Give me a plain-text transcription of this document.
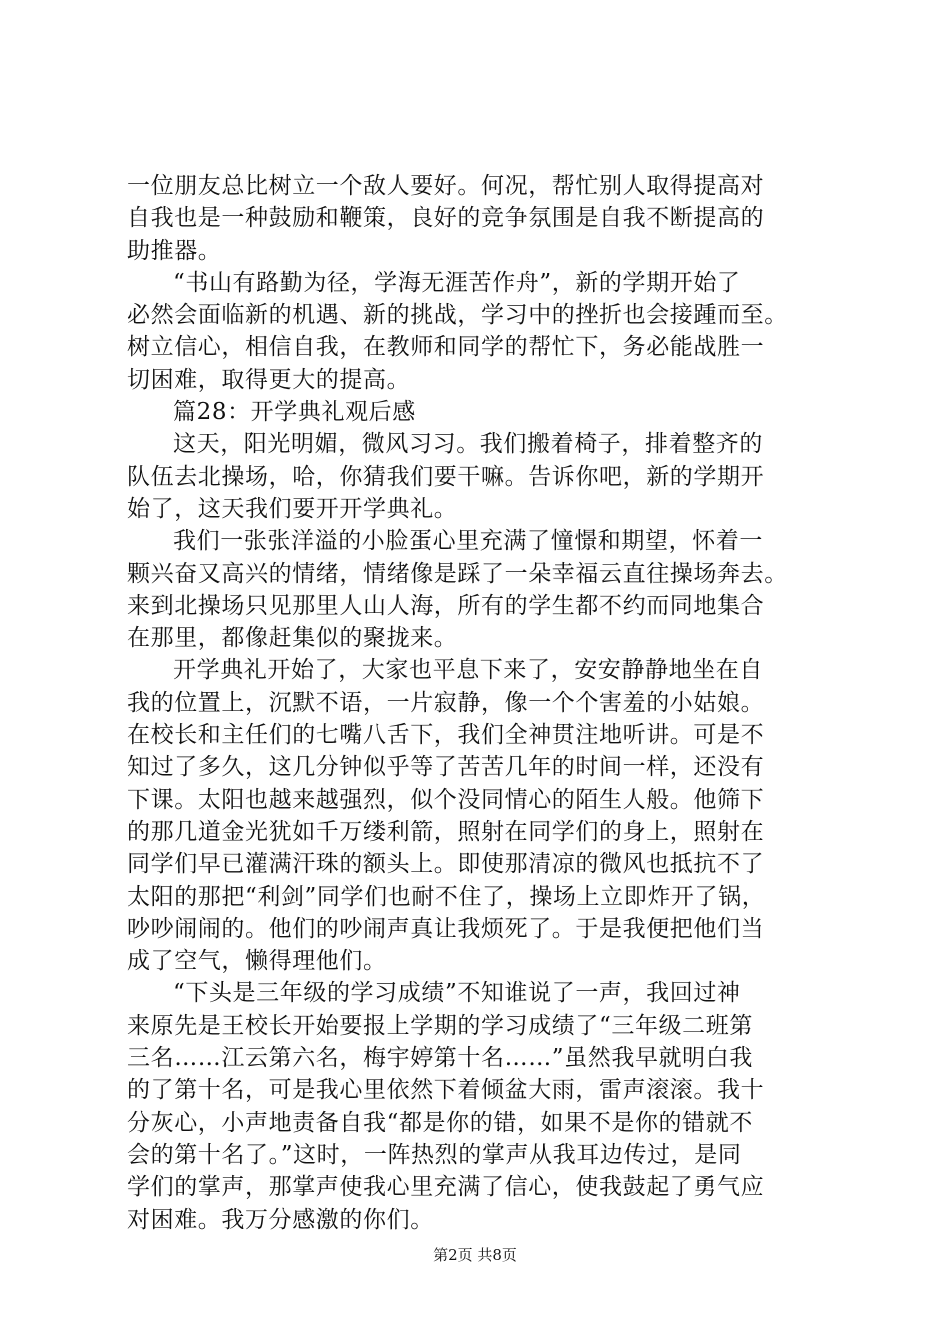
一位朋友总比树立一个敌人要好。何况，帮忙别人取得提高对
自我也是一种鼓励和鞭策，良好的竞争氛围是自我不断提高的
助推器。
“书山有路勤为径，学海无涯苦作舟”，新的学期开始了
必然会面临新的机遇、新的挑战，学习中的挫折也会接踵而至。
树立信心，相信自我，在教师和同学的帮忙下，务必能战胜一
切困难，取得更大的提高。
篇28：开学典礼观后感
这天，阳光明媚，微风习习。我们搬着椅子，排着整齐的
队伍去北操场，哈，你猜我们要干嘛。告诉你吧，新的学期开
始了，这天我们要开开学典礼。
我们一张张洋溢的小脸蛋心里充满了憧憬和期望，怀着一
颗兴奋又高兴的情绪，情绪像是踩了一朵幸福云直往操场奔去。
来到北操场只见那里人山人海，所有的学生都不约而同地集合
在那里，都像赶集似的聚拢来。
开学典礼开始了，大家也平息下来了，安安静静地坐在自
我的位置上，沉默不语，一片寂静，像一个个害羞的小姑娘。
在校长和主任们的七嘴八舌下，我们全神贯注地听讲。可是不
知过了多久，这几分钟似乎等了苦苦几年的时间一样，还没有
下课。太阳也越来越强烈，似个没同情心的陌生人般。他筛下
的那几道金光犹如千万缕利箭，照射在同学们的身上，照射在
同学们早已灌满汗珠的额头上。即使那清凉的微风也抵抗不了
太阳的那把“利剑”同学们也耐不住了，操场上立即炸开了锅，
吵吵闹闹的。他们的吵闹声真让我烦死了。于是我便把他们当
成了空气，懒得理他们。
“下头是三年级的学习成绩”不知谁说了一声，我回过神
来原先是王校长开始要报上学期的学习成绩了“三年级二班第
三名……江云第六名，梅宇婷第十名……”虽然我早就明白我
的了第十名，可是我心里依然下着倾盆大雨，雷声滚滚。我十
分灰心，小声地责备自我“都是你的错，如果不是你的错就不
会的第十名了。”这时，一阵热烈的掌声从我耳边传过，是同
学们的掌声，那掌声使我心里充满了信心，使我鼓起了勇气应
对困难。我万分感激的你们。
第2页 共8页
